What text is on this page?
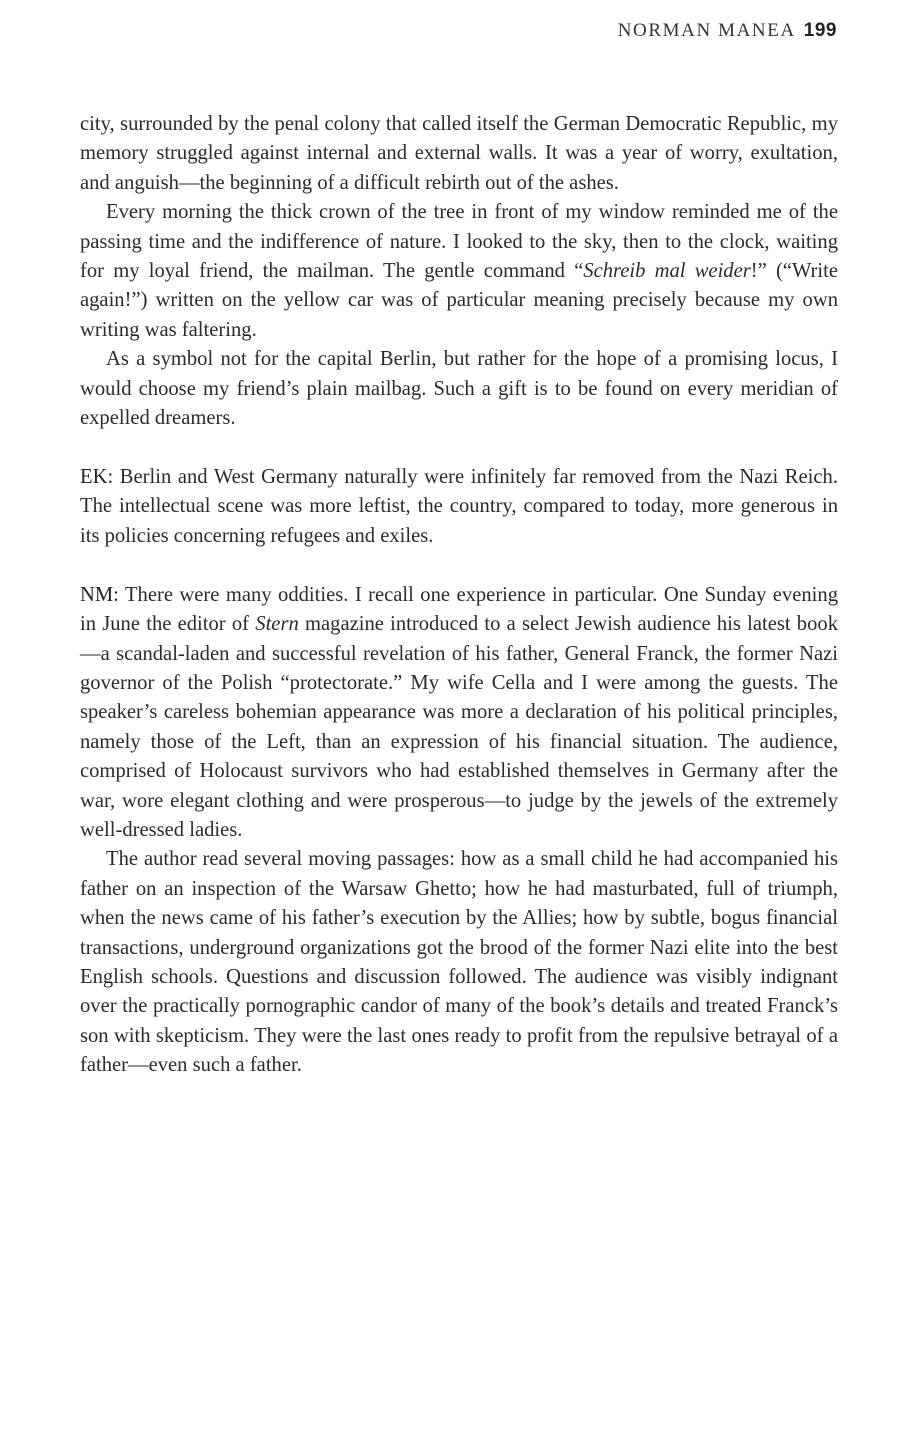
NORMAN MANEA 199

city, surrounded by the penal colony that called itself the German Democratic Republic, my memory struggled against internal and external walls. It was a year of worry, exultation, and anguish—the beginning of a difficult rebirth out of the ashes.

Every morning the thick crown of the tree in front of my window reminded me of the passing time and the indifference of nature. I looked to the sky, then to the clock, waiting for my loyal friend, the mailman. The gentle command “Schreib mal weider!” (“Write again!”) written on the yellow car was of particular meaning precisely because my own writing was faltering.

As a symbol not for the capital Berlin, but rather for the hope of a promising locus, I would choose my friend’s plain mailbag. Such a gift is to be found on every meridian of expelled dreamers.

EK: Berlin and West Germany naturally were infinitely far removed from the Nazi Reich. The intellectual scene was more leftist, the country, compared to today, more generous in its policies concerning refugees and exiles.

NM: There were many oddities. I recall one experience in particular. One Sunday evening in June the editor of Stern magazine introduced to a select Jewish audience his latest book—a scandal-laden and successful revelation of his father, General Franck, the former Nazi governor of the Polish “protectorate.” My wife Cella and I were among the guests. The speaker’s careless bohemian appearance was more a declaration of his political principles, namely those of the Left, than an expression of his financial situation. The audience, comprised of Holocaust survivors who had established themselves in Germany after the war, wore elegant clothing and were prosperous—to judge by the jewels of the extremely well-dressed ladies.

The author read several moving passages: how as a small child he had accompanied his father on an inspection of the Warsaw Ghetto; how he had masturbated, full of triumph, when the news came of his father’s execution by the Allies; how by subtle, bogus financial transactions, underground organizations got the brood of the former Nazi elite into the best English schools. Questions and discussion followed. The audience was visibly indignant over the practically pornographic candor of many of the book’s details and treated Franck’s son with skepticism. They were the last ones ready to profit from the repulsive betrayal of a father—even such a father.
